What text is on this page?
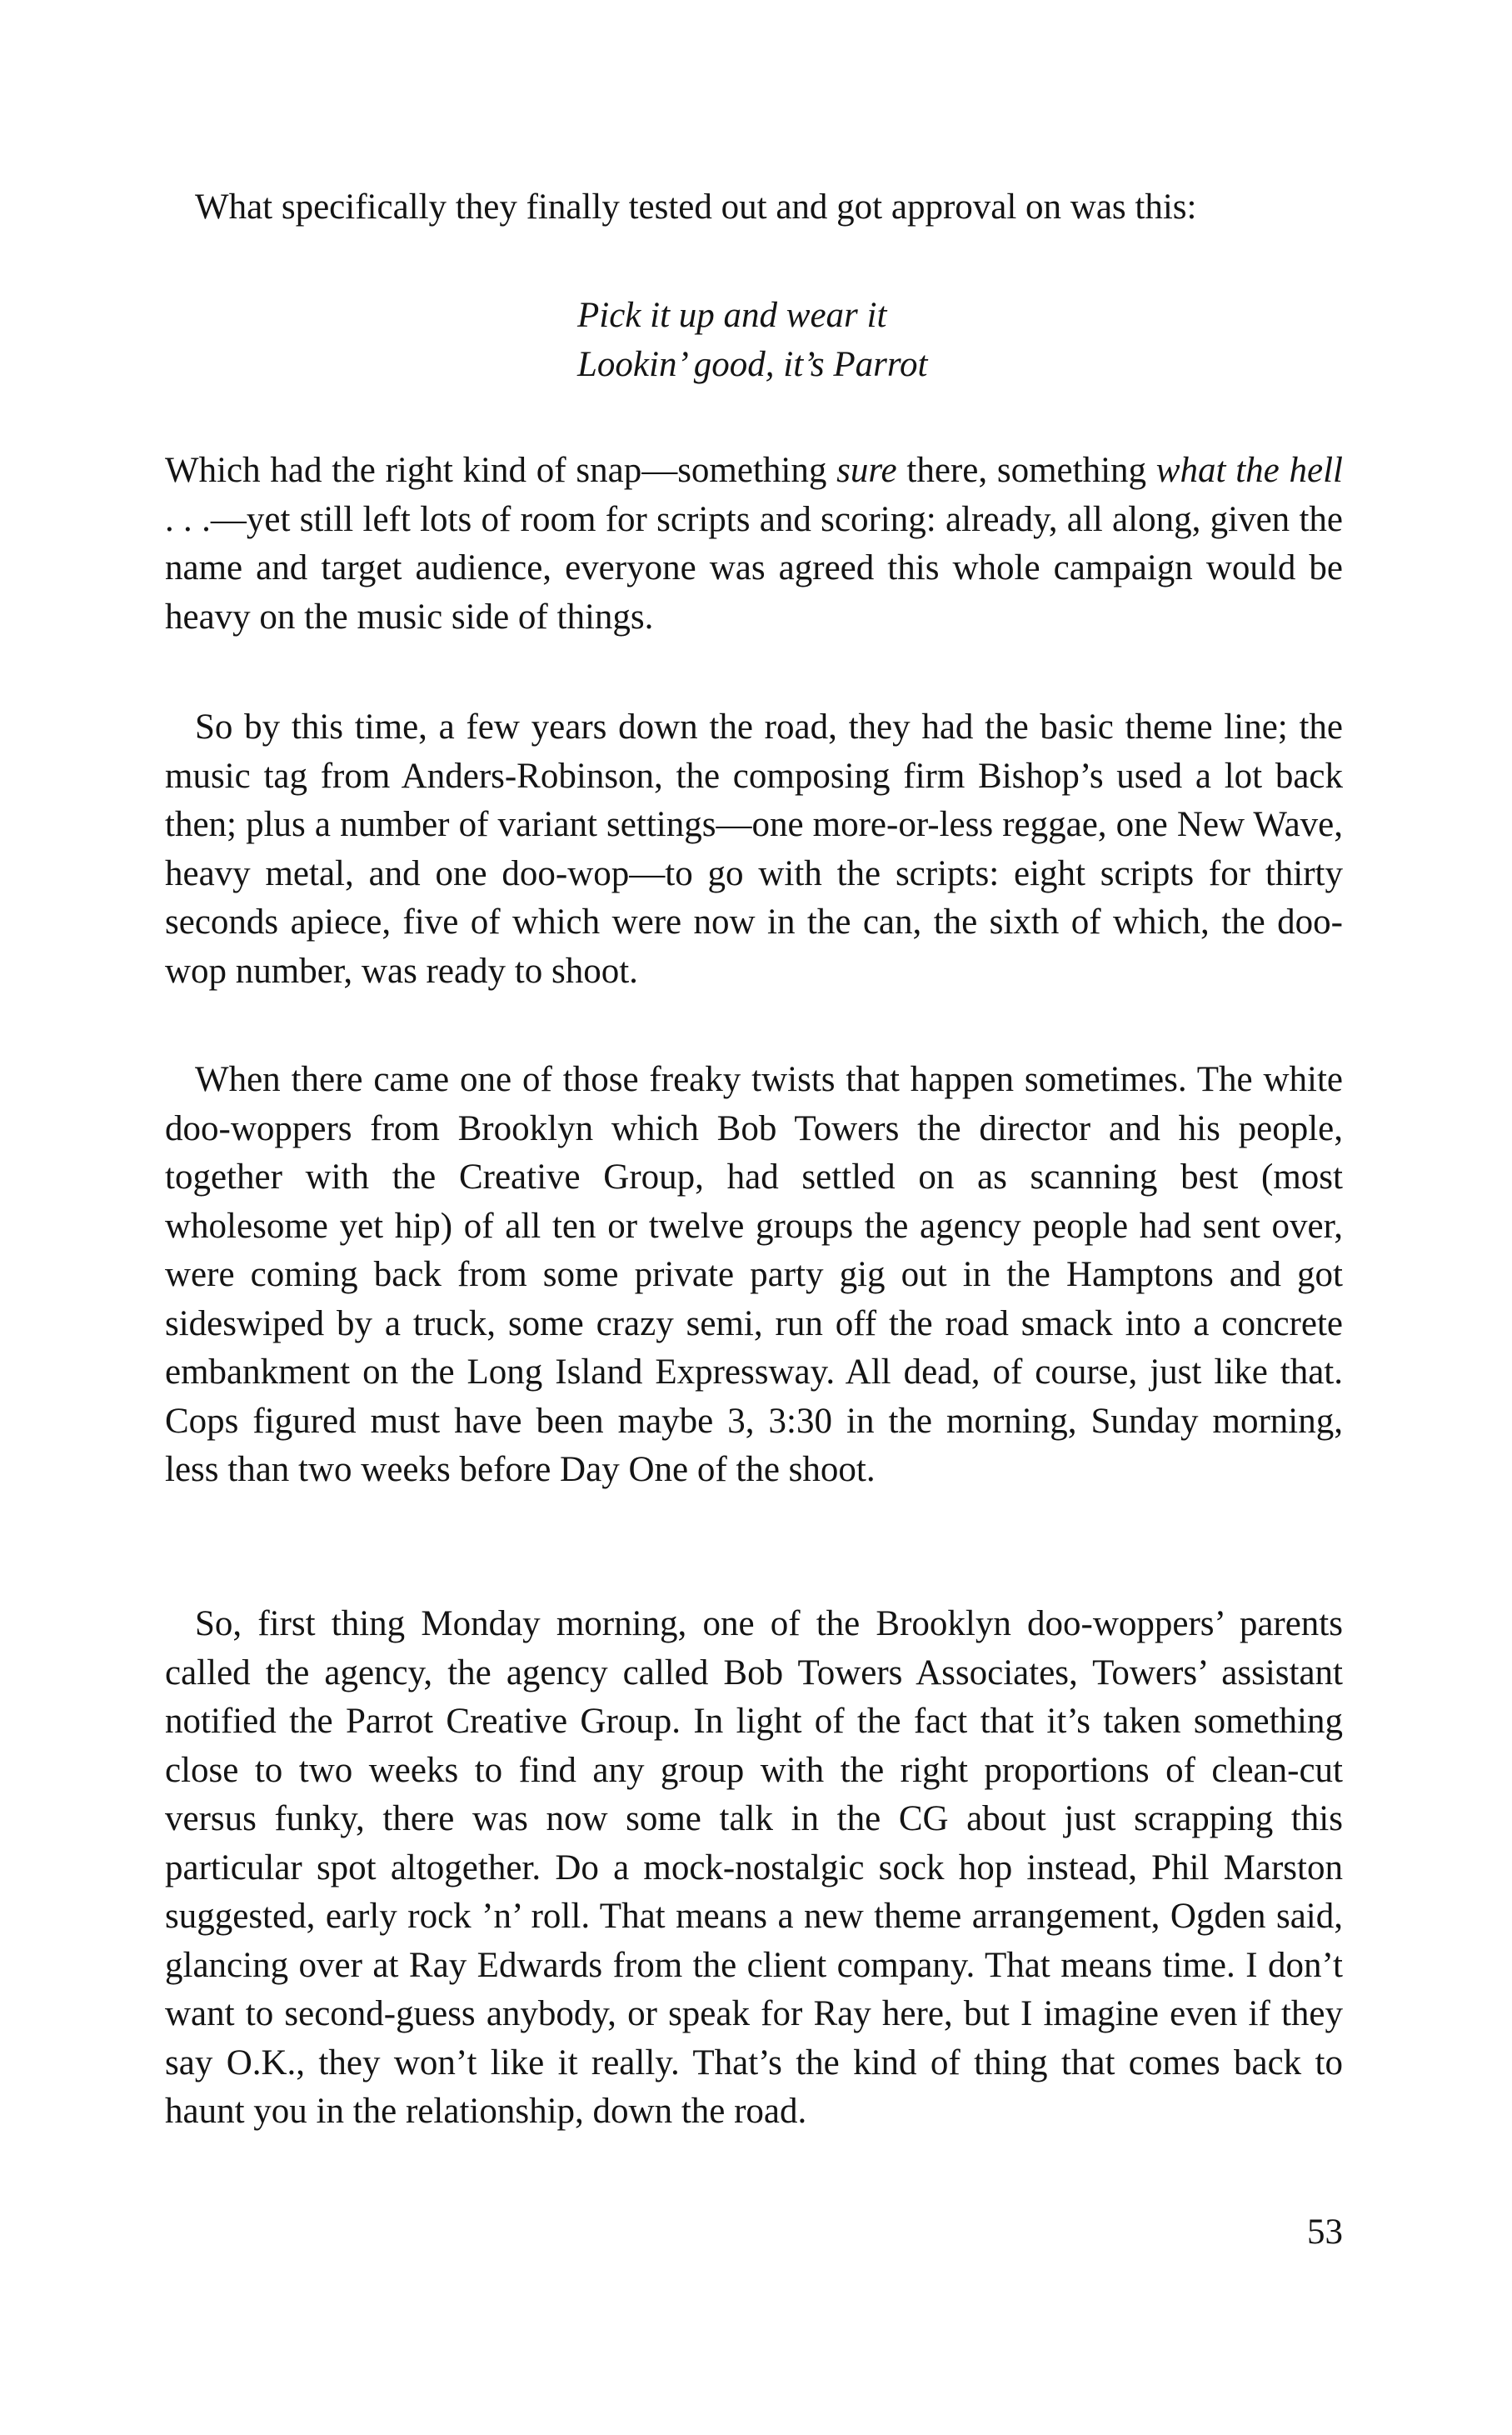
What specifically they finally tested out and got approval on was this:

Pick it up and wear it
Lookin’ good, it’s Parrot

Which had the right kind of snap—something sure there, something what the hell . . .—yet still left lots of room for scripts and scoring: already, all along, given the name and target audience, everyone was agreed this whole campaign would be heavy on the music side of things.

So by this time, a few years down the road, they had the basic theme line; the music tag from Anders-Robinson, the composing firm Bishop’s used a lot back then; plus a number of variant settings—one more-or-less reggae, one New Wave, heavy metal, and one doo-wop—to go with the scripts: eight scripts for thirty seconds apiece, five of which were now in the can, the sixth of which, the doo-wop number, was ready to shoot.

When there came one of those freaky twists that happen sometimes. The white doo-woppers from Brooklyn which Bob Towers the director and his people, together with the Creative Group, had settled on as scanning best (most wholesome yet hip) of all ten or twelve groups the agency people had sent over, were coming back from some private party gig out in the Hamptons and got sideswiped by a truck, some crazy semi, run off the road smack into a concrete embankment on the Long Island Expressway. All dead, of course, just like that. Cops figured must have been maybe 3, 3:30 in the morning, Sunday morning, less than two weeks before Day One of the shoot.

So, first thing Monday morning, one of the Brooklyn doo-woppers’ parents called the agency, the agency called Bob Towers Associates, Towers’ assistant notified the Parrot Creative Group. In light of the fact that it’s taken something close to two weeks to find any group with the right proportions of clean-cut versus funky, there was now some talk in the CG about just scrapping this particular spot altogether. Do a mock-nostalgic sock hop instead, Phil Marston suggested, early rock ’n’ roll. That means a new theme arrangement, Ogden said, glancing over at Ray Edwards from the client company. That means time. I don’t want to second-guess anybody, or speak for Ray here, but I imagine even if they say O.K., they won’t like it really. That’s the kind of thing that comes back to haunt you in the relationship, down the road.

53
